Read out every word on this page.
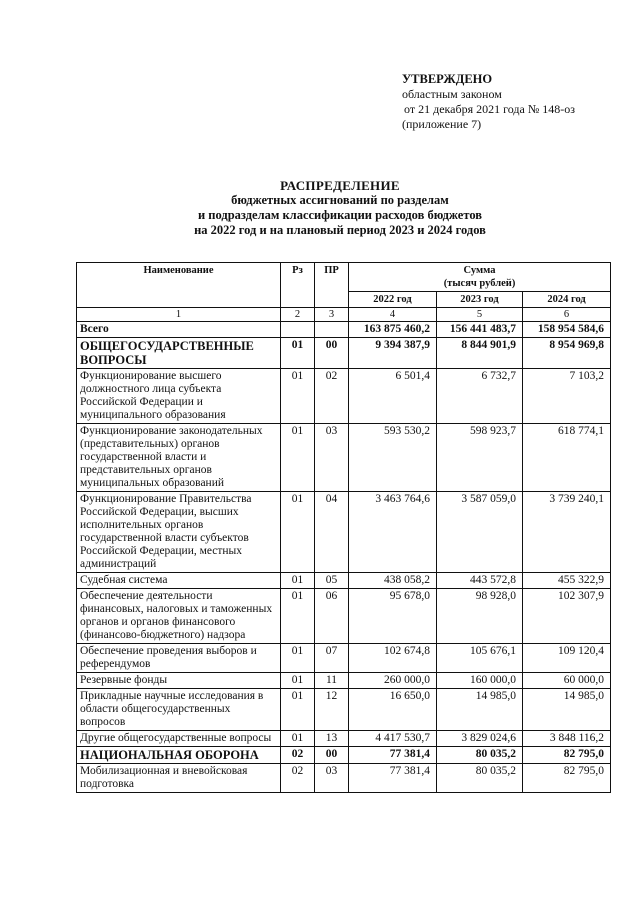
УТВЕРЖДЕНО
областным законом
от 21 декабря 2021 года № 148-оз
(приложение 7)
РАСПРЕДЕЛЕНИЕ
бюджетных ассигнований по разделам
и подразделам классификации расходов бюджетов
на 2022 год и на плановый период 2023 и 2024 годов
Наименование	Рз	ПР	Сумма
(тысяч рублей)		

			2022 год	2023 год	2024 год
1	2	3	4	5	6
Всего			163 875 460,2	156 441 483,7	158 954 584,6
ОБЩЕГОСУДАРСТВЕННЫЕ ВОПРОСЫ	01	00	9 394 387,9	8 844 901,9	8 954 969,8
Функционирование высшего должностного лица субъекта Российской Федерации и муниципального образования	01	02	6 501,4	6 732,7	7 103,2
Функционирование законодательных (представительных) органов государственной власти и представительных органов муниципальных образований	01	03	593 530,2	598 923,7	618 774,1
Функционирование Правительства Российской Федерации, высших исполнительных органов государственной власти субъектов Российской Федерации, местных администраций	01	04	3 463 764,6	3 587 059,0	3 739 240,1
Судебная система	01	05	438 058,2	443 572,8	455 322,9
Обеспечение деятельности финансовых, налоговых и таможенных органов и органов финансового (финансово-бюджетного) надзора	01	06	95 678,0	98 928,0	102 307,9
Обеспечение проведения выборов и референдумов	01	07	102 674,8	105 676,1	109 120,4
Резервные фонды	01	11	260 000,0	160 000,0	60 000,0
Прикладные научные исследования в области общегосударственных вопросов	01	12	16 650,0	14 985,0	14 985,0
Другие общегосударственные вопросы	01	13	4 417 530,7	3 829 024,6	3 848 116,2
НАЦИОНАЛЬНАЯ ОБОРОНА	02	00	77 381,4	80 035,2	82 795,0
Мобилизационная и вневойсковая подготовка	02	03	77 381,4	80 035,2	82 795,0
